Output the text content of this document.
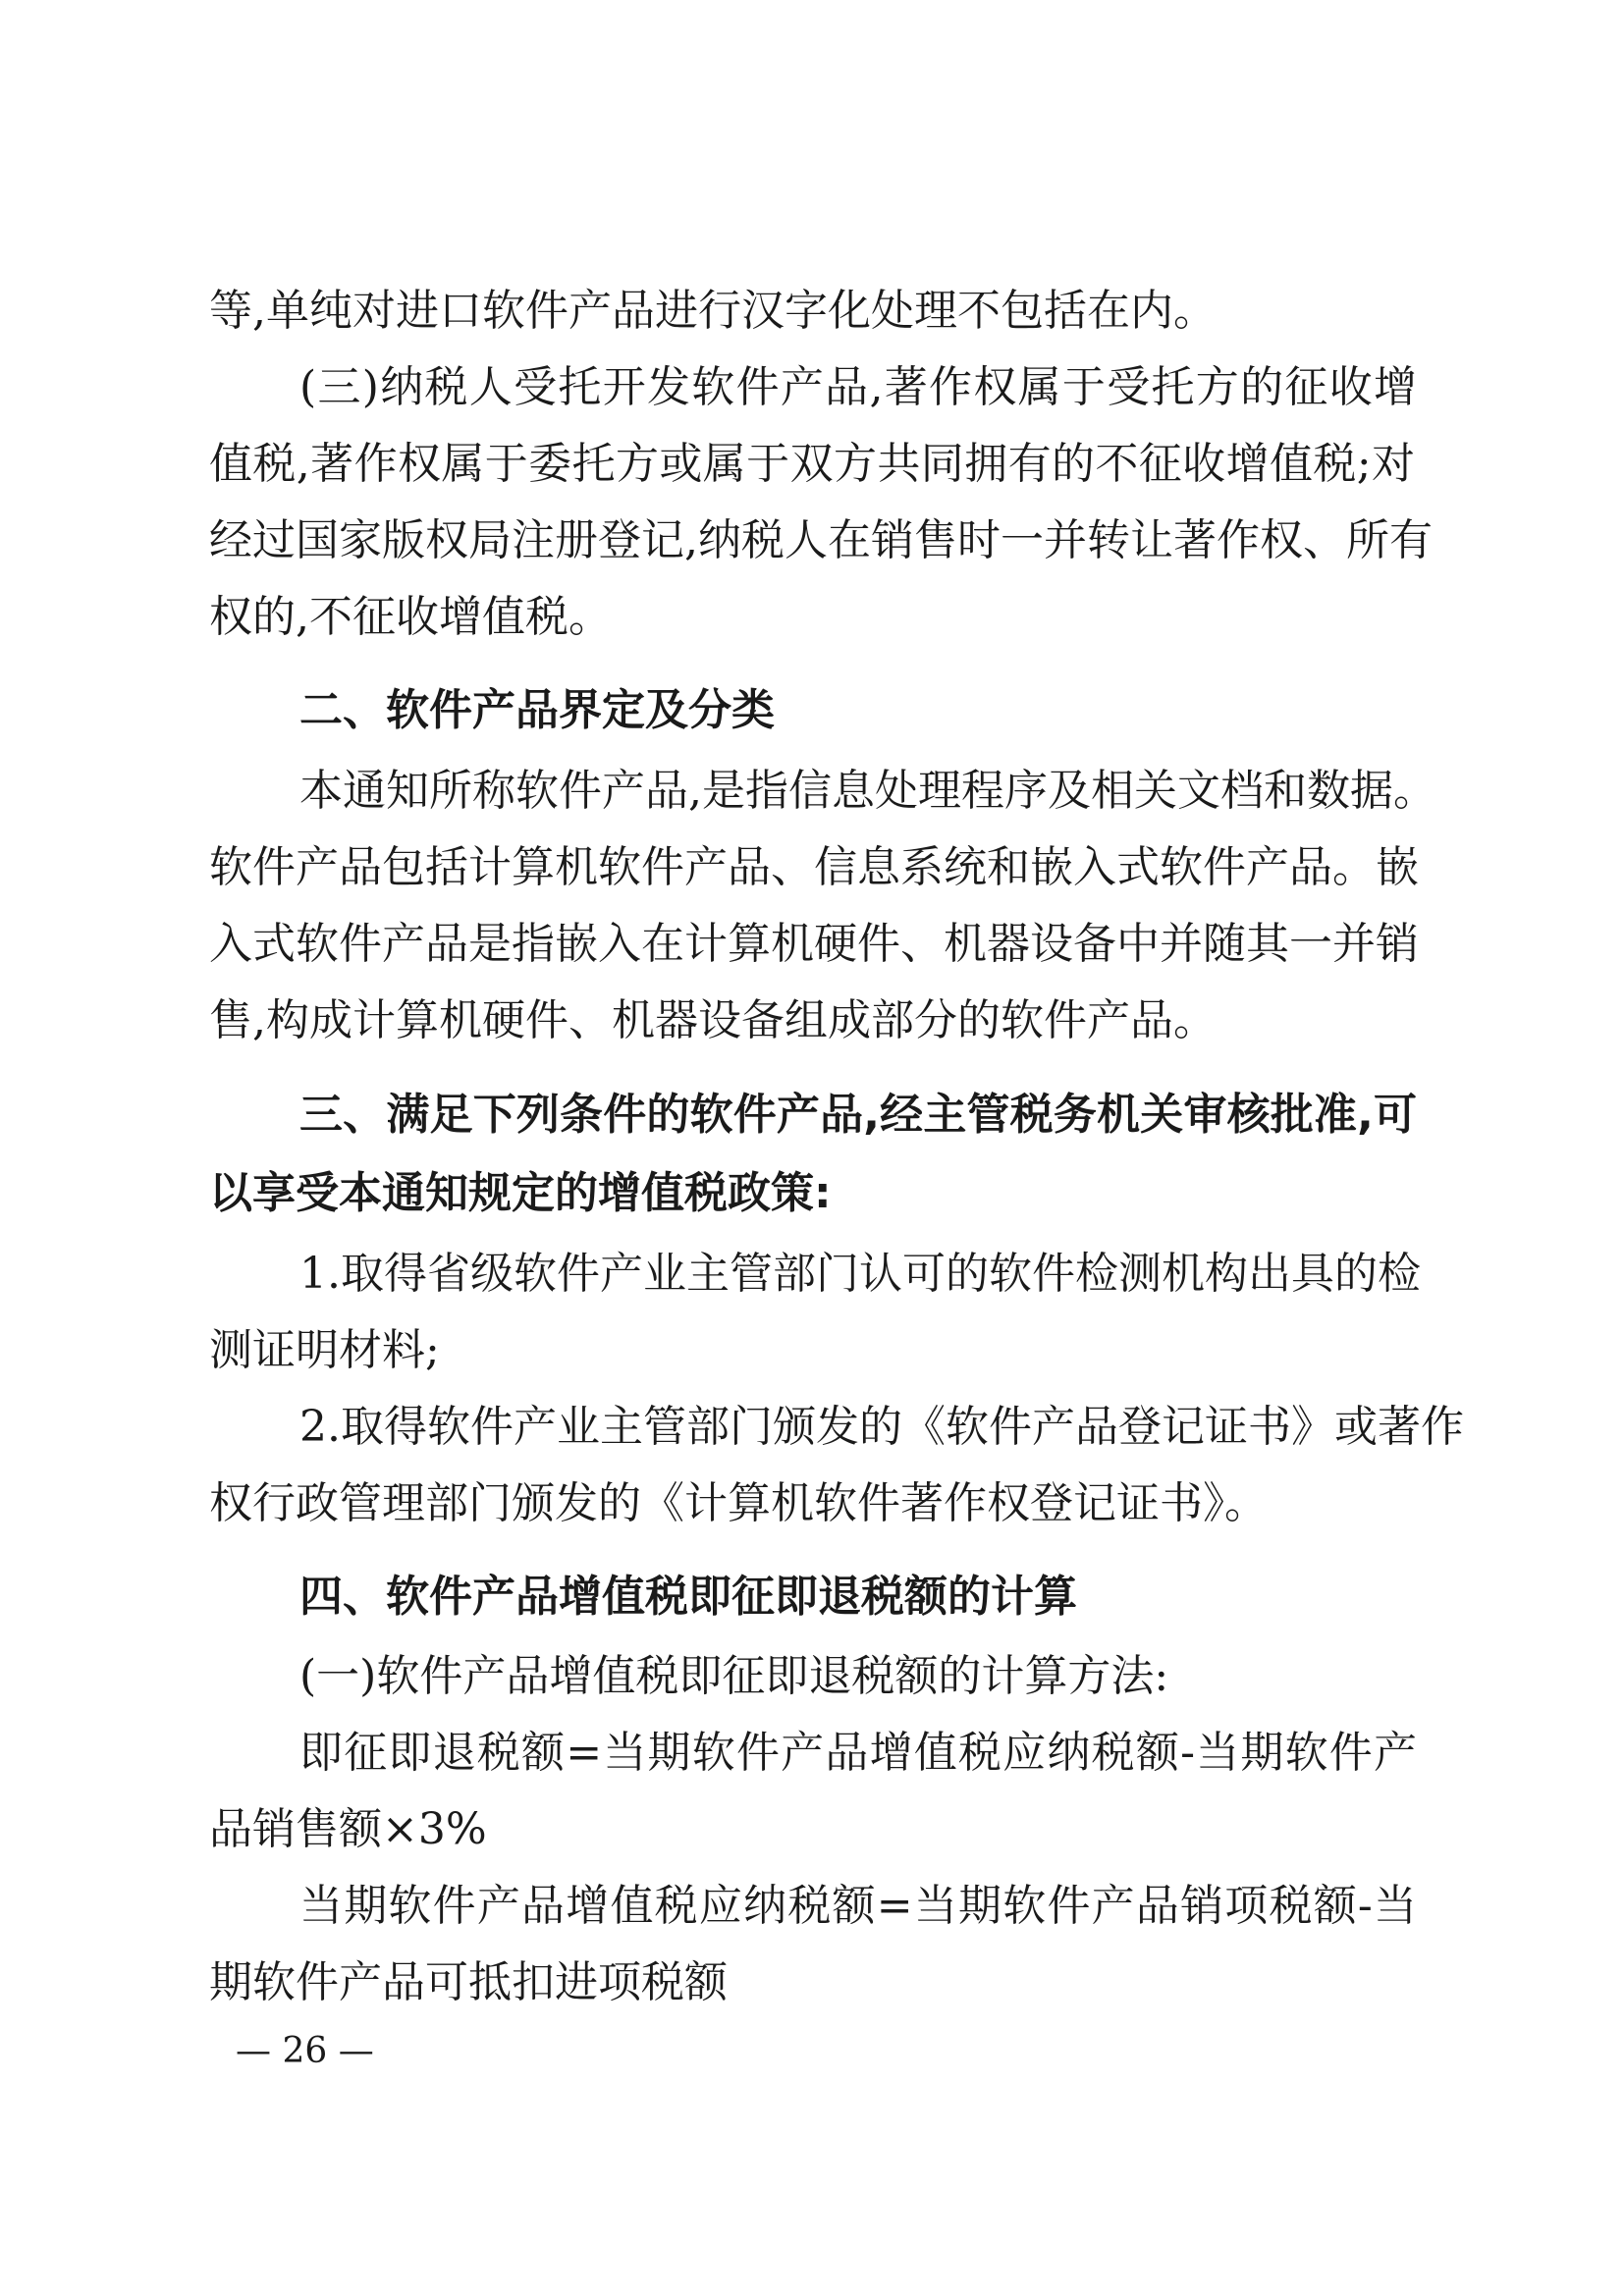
等,单纯对进口软件产品进行汉字化处理不包括在内。
(三)纳税人受托开发软件产品,著作权属于受托方的征收增
值税,著作权属于委托方或属于双方共同拥有的不征收增值税;对
经过国家版权局注册登记,纳税人在销售时一并转让著作权、所有
权的,不征收增值税。
二、软件产品界定及分类
本通知所称软件产品,是指信息处理程序及相关文档和数据。
软件产品包括计算机软件产品、信息系统和嵌入式软件产品。嵌
入式软件产品是指嵌入在计算机硬件、机器设备中并随其一并销
售,构成计算机硬件、机器设备组成部分的软件产品。
三、满足下列条件的软件产品,经主管税务机关审核批准,可
以享受本通知规定的增值税政策:
1.取得省级软件产业主管部门认可的软件检测机构出具的检
测证明材料;
2.取得软件产业主管部门颁发的《软件产品登记证书》或著作
权行政管理部门颁发的《计算机软件著作权登记证书》。
四、软件产品增值税即征即退税额的计算
(一)软件产品增值税即征即退税额的计算方法:
即征即退税额=当期软件产品增值税应纳税额-当期软件产
品销售额×3%
当期软件产品增值税应纳税额=当期软件产品销项税额-当
期软件产品可抵扣进项税额
— 26 —
